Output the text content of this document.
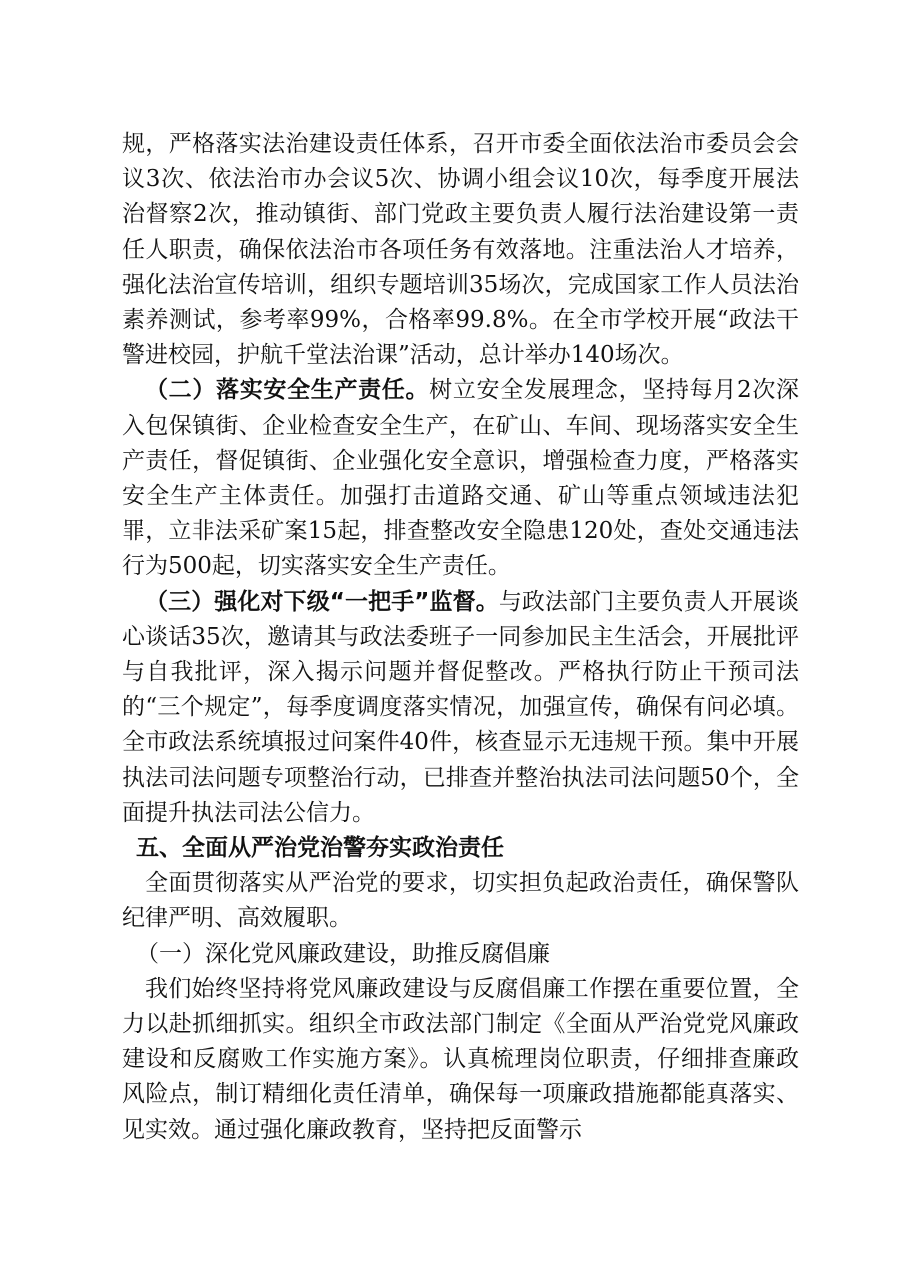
规，严格落实法治建设责任体系，召开市委全面依法治市委员会会议3次、依法治市办会议5次、协调小组会议10次，每季度开展法治督察2次，推动镇街、部门党政主要负责人履行法治建设第一责任人职责，确保依法治市各项任务有效落地。注重法治人才培养，强化法治宣传培训，组织专题培训35场次，完成国家工作人员法治素养测试，参考率99%，合格率99.8%。在全市学校开展“政法干警进校园，护航千堂法治课”活动，总计举办140场次。

（二）落实安全生产责任。树立安全发展理念，坚持每月2次深入包保镇街、企业检查安全生产，在矿山、车间、现场落实安全生产责任，督促镇街、企业强化安全意识，增强检查力度，严格落实安全生产主体责任。加强打击道路交通、矿山等重点领域违法犯罪，立非法采矿案15起，排查整改安全隐患120处，查处交通违法行为500起，切实落实安全生产责任。

（三）强化对下级“一把手”监督。与政法部门主要负责人开展谈心谈话35次，邀请其与政法委班子一同参加民主生活会，开展批评与自我批评，深入揭示问题并督促整改。严格执行防止干预司法的“三个规定”，每季度调度落实情况，加强宣传，确保有问必填。全市政法系统填报过问案件40件，核查显示无违规干预。集中开展执法司法问题专项整治行动，已排查并整治执法司法问题50个，全面提升执法司法公信力。

五、全面从严治党治警夯实政治责任

全面贯彻落实从严治党的要求，切实担负起政治责任，确保警队纪律严明、高效履职。

（一）深化党风廉政建设，助推反腐倡廉

我们始终坚持将党风廉政建设与反腐倡廉工作摆在重要位置，全力以赴抓细抓实。组织全市政法部门制定《全面从严治党党风廉政建设和反腐败工作实施方案》。认真梳理岗位职责，仔细排查廉政风险点，制订精细化责任清单，确保每一项廉政措施都能真落实、见实效。通过强化廉政教育，坚持把反面警示
